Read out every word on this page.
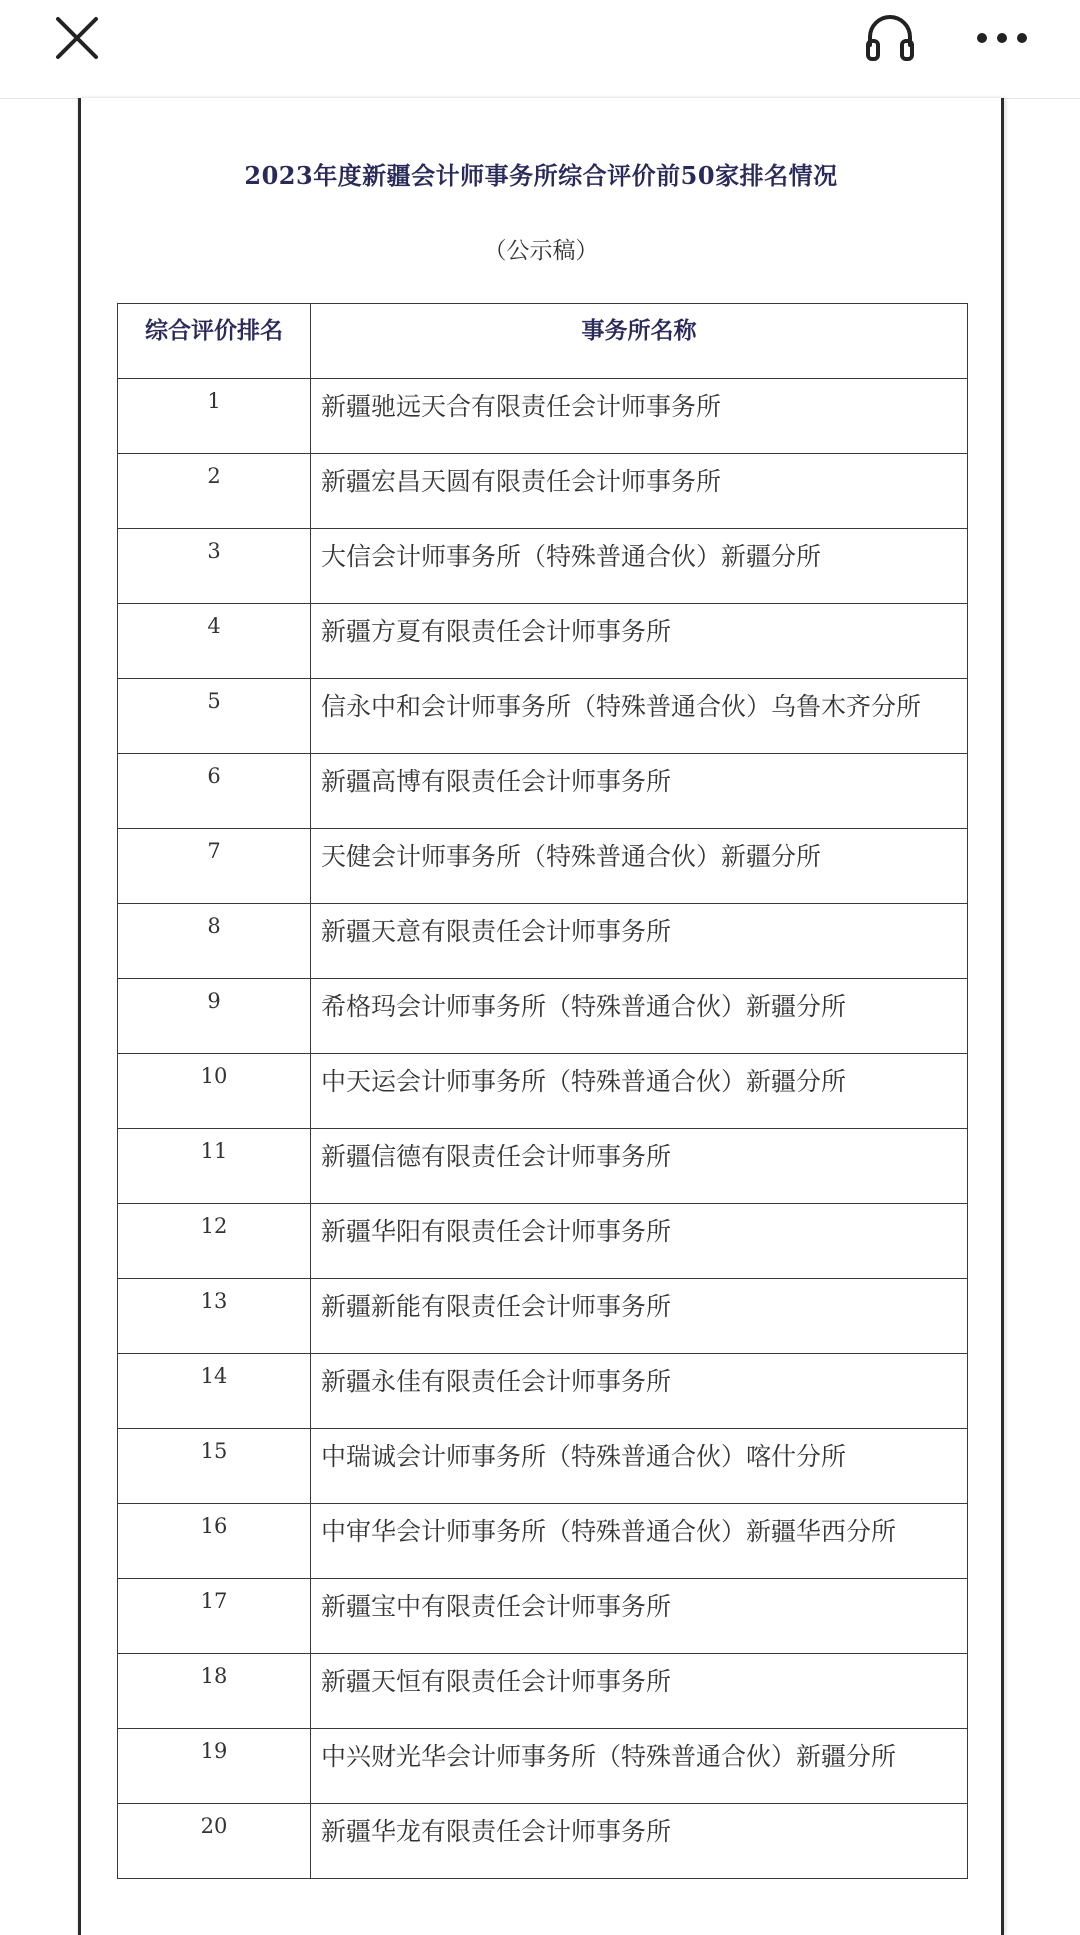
2023年度新疆会计师事务所综合评价前50家排名情况
（公示稿）
综合评价排名	事务所名称
1	新疆驰远天合有限责任会计师事务所
2	新疆宏昌天圆有限责任会计师事务所
3	大信会计师事务所（特殊普通合伙）新疆分所
4	新疆方夏有限责任会计师事务所
5	信永中和会计师事务所（特殊普通合伙）乌鲁木齐分所
6	新疆高博有限责任会计师事务所
7	天健会计师事务所（特殊普通合伙）新疆分所
8	新疆天意有限责任会计师事务所
9	希格玛会计师事务所（特殊普通合伙）新疆分所
10	中天运会计师事务所（特殊普通合伙）新疆分所
11	新疆信德有限责任会计师事务所
12	新疆华阳有限责任会计师事务所
13	新疆新能有限责任会计师事务所
14	新疆永佳有限责任会计师事务所
15	中瑞诚会计师事务所（特殊普通合伙）喀什分所
16	中审华会计师事务所（特殊普通合伙）新疆华西分所
17	新疆宝中有限责任会计师事务所
18	新疆天恒有限责任会计师事务所
19	中兴财光华会计师事务所（特殊普通合伙）新疆分所
20	新疆华龙有限责任会计师事务所
